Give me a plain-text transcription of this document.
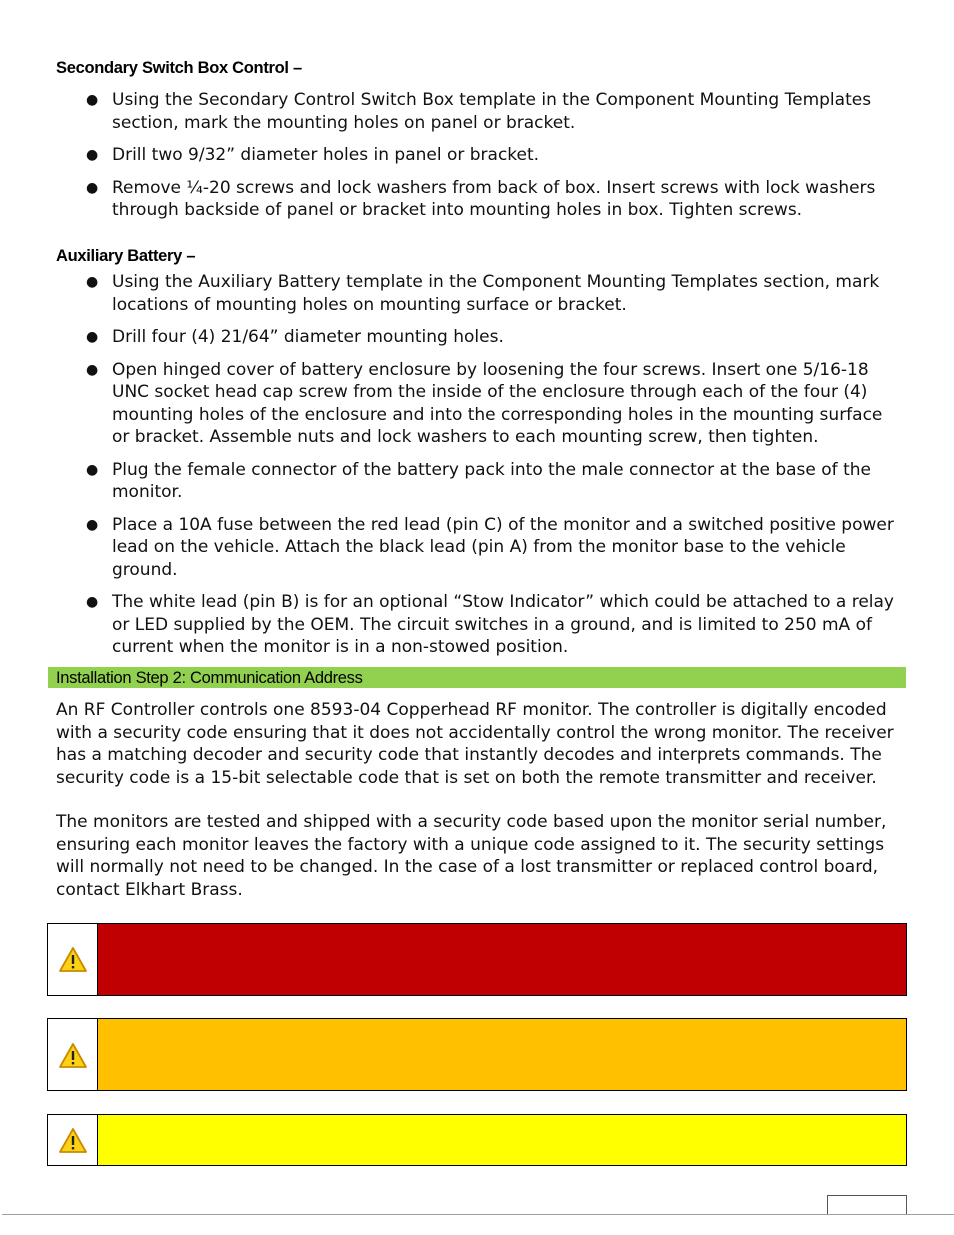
Secondary Switch Box Control –
● Using the Secondary Control Switch Box template in the Component Mounting Templates section, mark the mounting holes on panel or bracket.
● Drill two 9/32” diameter holes in panel or bracket.
● Remove ¼-20 screws and lock washers from back of box. Insert screws with lock washers through backside of panel or bracket into mounting holes in box. Tighten screws.
Auxiliary Battery –
● Using the Auxiliary Battery template in the Component Mounting Templates section, mark locations of mounting holes on mounting surface or bracket.
● Drill four (4) 21/64” diameter mounting holes.
● Open hinged cover of battery enclosure by loosening the four screws. Insert one 5/16-18 UNC socket head cap screw from the inside of the enclosure through each of the four (4) mounting holes of the enclosure and into the corresponding holes in the mounting surface or bracket. Assemble nuts and lock washers to each mounting screw, then tighten.
● Plug the female connector of the battery pack into the male connector at the base of the monitor.
● Place a 10A fuse between the red lead (pin C) of the monitor and a switched positive power lead on the vehicle. Attach the black lead (pin A) from the monitor base to the vehicle ground.
● The white lead (pin B) is for an optional “Stow Indicator” which could be attached to a relay or LED supplied by the OEM. The circuit switches in a ground, and is limited to 250 mA of current when the monitor is in a non-stowed position.
Installation Step 2: Communication Address

An RF Controller controls one 8593-04 Copperhead RF monitor. The controller is digitally encoded with a security code ensuring that it does not accidentally control the wrong monitor. The receiver has a matching decoder and security code that instantly decodes and interprets commands. The security code is a 15-bit selectable code that is set on both the remote transmitter and receiver.

The monitors are tested and shipped with a security code based upon the monitor serial number, ensuring each monitor leaves the factory with a unique code assigned to it. The security settings will normally not need to be changed. In the case of a lost transmitter or replaced control board, contact Elkhart Brass.
